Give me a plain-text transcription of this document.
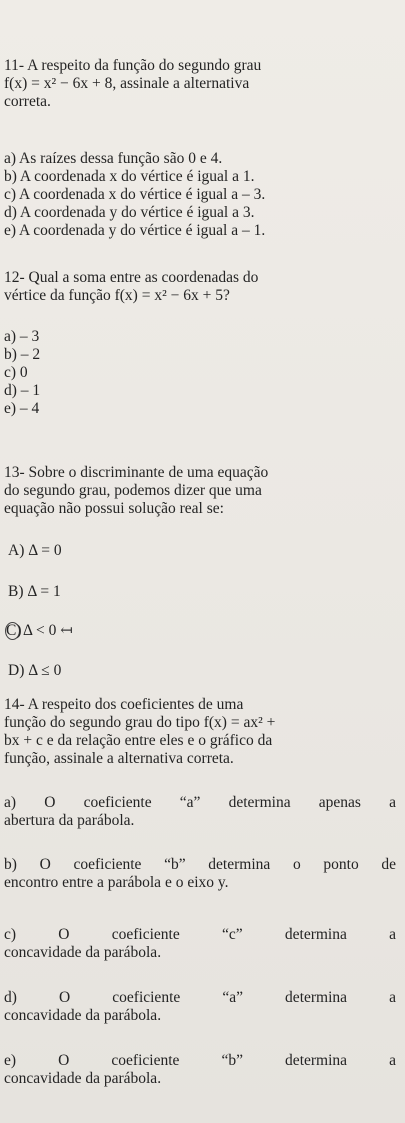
11- A respeito da função do segundo grau
f(x) = x² − 6x + 8, assinale a alternativa
correta.
a) As raízes dessa função são 0 e 4.
b) A coordenada x do vértice é igual a 1.
c) A coordenada x do vértice é igual a – 3.
d) A coordenada y do vértice é igual a 3.
e) A coordenada y do vértice é igual a – 1.
12- Qual a soma entre as coordenadas do
vértice da função f(x) = x² − 6x + 5?
a) – 3
b) – 2
c) 0
d) – 1
e) – 4
13- Sobre o discriminante de uma equação
do segundo grau, podemos dizer que uma
equação não possui solução real se:
A) Δ = 0
B) Δ = 1
C) Δ < 0 ↤
D) Δ ≤ 0
14- A respeito dos coeficientes de uma
função do segundo grau do tipo f(x) = ax² +
bx + c e da relação entre eles e o gráfico da
função, assinale a alternativa correta.
a) O coeficiente “a” determina apenas a
abertura da parábola.
b) O coeficiente “b” determina o ponto de
encontro entre a parábola e o eixo y.
c) O coeficiente “c” determina a
concavidade da parábola.
d) O coeficiente “a” determina a
concavidade da parábola.
e) O coeficiente “b” determina a
concavidade da parábola.
